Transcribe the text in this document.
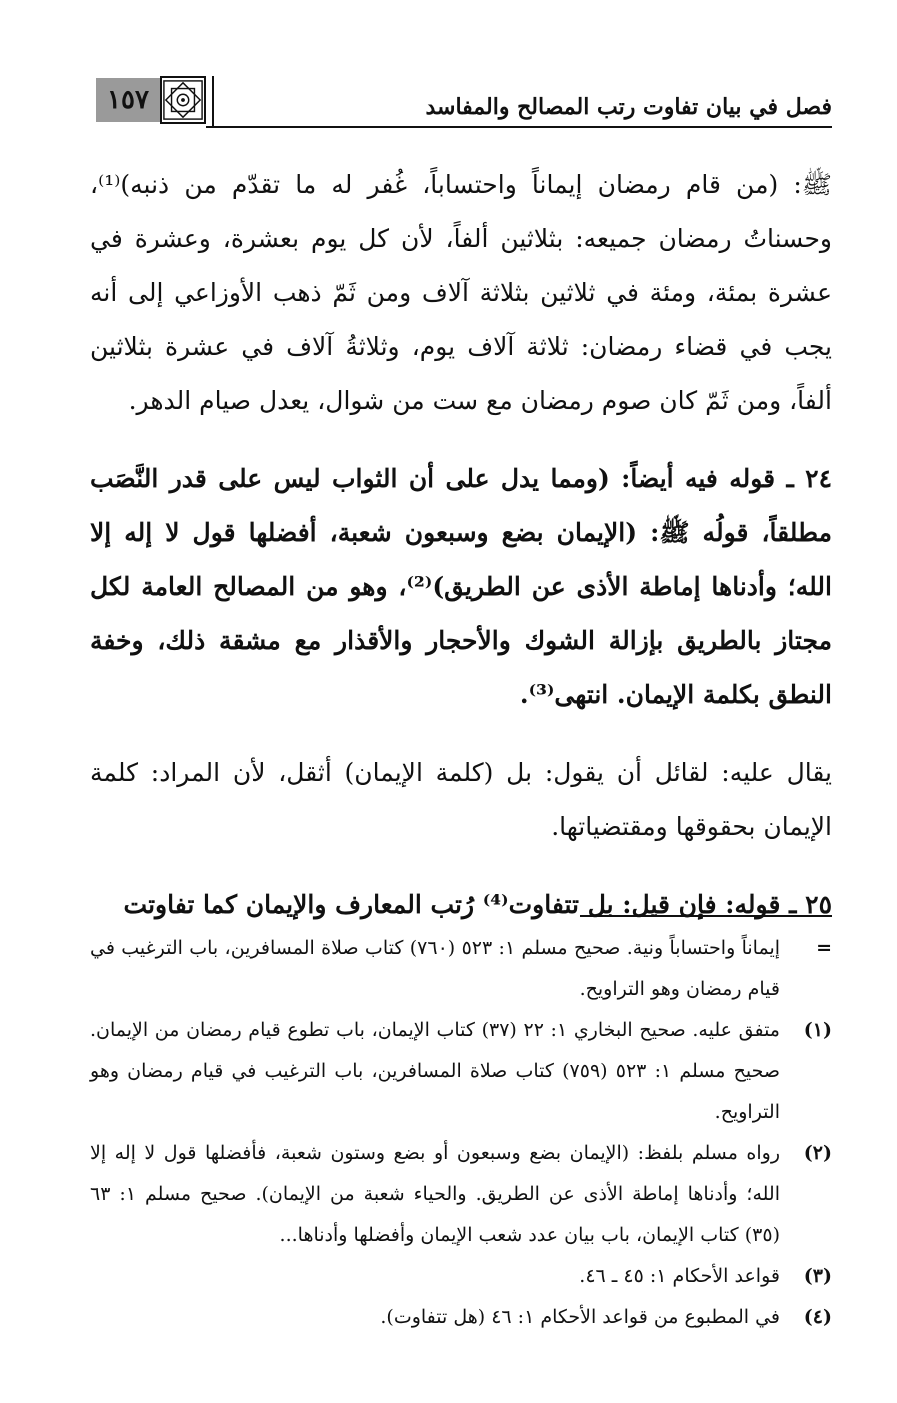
١٥٧	فصل في بيان تفاوت رتب المصالح والمفاسد

ﷺ: (من قام رمضان إيماناً واحتساباً، غُفر له ما تقدّم من ذنبه)⁽¹⁾، وحسناتُ رمضان جميعه: بثلاثين ألفاً، لأن كل يوم بعشرة، وعشرة في عشرة بمئة، ومئة في ثلاثين بثلاثة آلاف ومن ثَمّ ذهب الأوزاعي إلى أنه يجب في قضاء رمضان: ثلاثة آلاف يوم، وثلاثةُ آلاف في عشرة بثلاثين ألفاً، ومن ثَمّ كان صوم رمضان مع ست من شوال، يعدل صيام الدهر.

٢٤ ـ قوله فيه أيضاً: (ومما يدل على أن الثواب ليس على قدر النَّصَب مطلقاً، قولُه ﷺ: (الإيمان بضع وسبعون شعبة، أفضلها قول لا إله إلا الله؛ وأدناها إماطة الأذى عن الطريق)⁽²⁾، وهو من المصالح العامة لكل مجتاز بالطريق بإزالة الشوك والأحجار والأقذار مع مشقة ذلك، وخفة النطق بكلمة الإيمان. انتهى⁽³⁾.

يقال عليه: لقائل أن يقول: بل (كلمة الإيمان) أثقل، لأن المراد: كلمة الإيمان بحقوقها ومقتضياتها.

٢٥ ـ قوله: فإن قيل: بل تتفاوت⁽⁴⁾ رُتب المعارف والإيمان كما تفاوتت

=
إيماناً واحتساباً ونية. صحيح مسلم ١: ٥٢٣ (٧٦٠) كتاب صلاة المسافرين، باب الترغيب في قيام رمضان وهو التراويح.
(١)
متفق عليه. صحيح البخاري ١: ٢٢ (٣٧) كتاب الإيمان، باب تطوع قيام رمضان من الإيمان. صحيح مسلم ١: ٥٢٣ (٧٥٩) كتاب صلاة المسافرين، باب الترغيب في قيام رمضان وهو التراويح.
(٢)
رواه مسلم بلفظ: (الإيمان بضع وسبعون أو بضع وستون شعبة، فأفضلها قول لا إله إلا الله؛ وأدناها إماطة الأذى عن الطريق. والحياء شعبة من الإيمان). صحيح مسلم ١: ٦٣ (٣٥) كتاب الإيمان، باب بيان عدد شعب الإيمان وأفضلها وأدناها...
(٣)
قواعد الأحكام ١: ٤٥ ـ ٤٦.
(٤)
في المطبوع من قواعد الأحكام ١: ٤٦ (هل تتفاوت).
